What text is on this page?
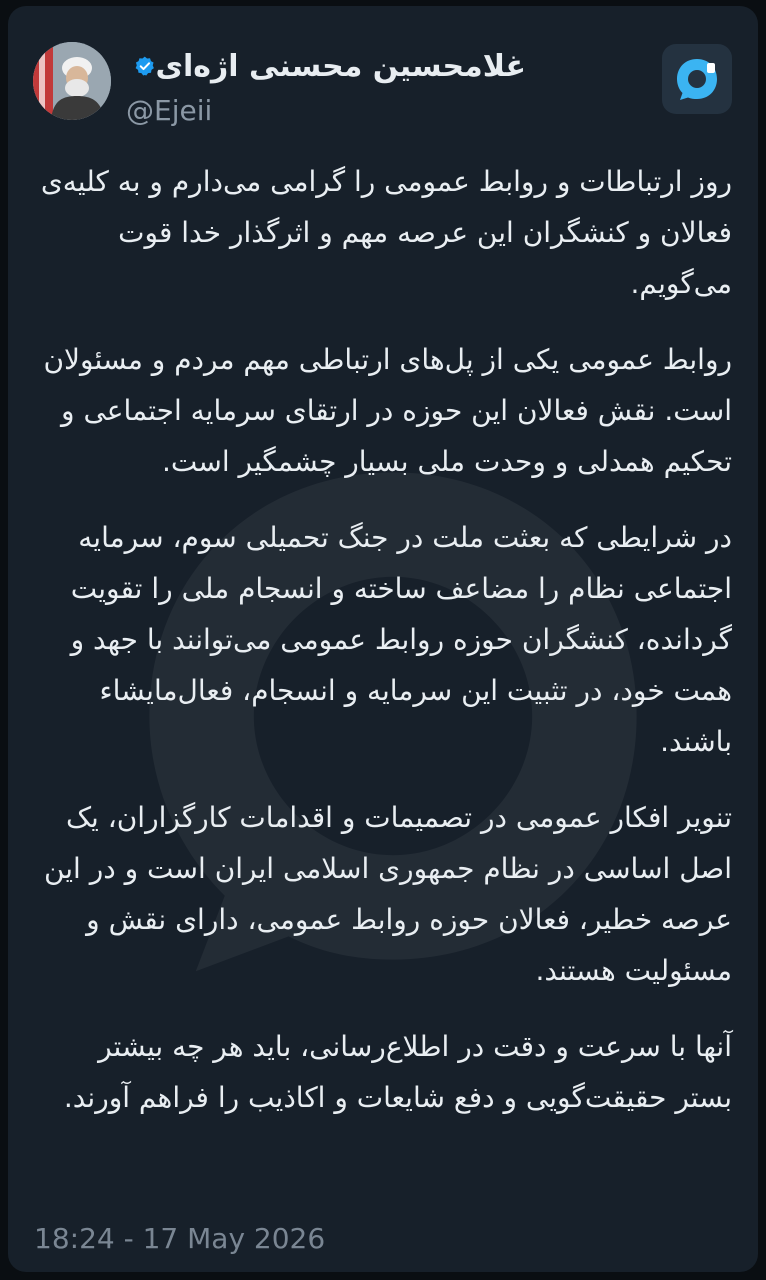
غلامحسین محسنی اژه‌ای
@Ejeii

روز ارتباطات و روابط عمومی را گرامی می‌دارم و به کلیه‌ی فعالان و کنشگران این عرصه مهم و اثرگذار خدا قوت می‌گویم.

روابط عمومی یکی از پل‌های ارتباطی مهم مردم و مسئولان است. نقش فعالان این حوزه در ارتقای سرمایه اجتماعی و تحکیم همدلی و وحدت ملی بسیار چشمگیر است.

در شرایطی که بعثت ملت در جنگ تحمیلی سوم، سرمایه اجتماعی نظام را مضاعف ساخته و انسجام ملی را تقویت گردانده، کنشگران حوزه روابط عمومی می‌توانند با جهد و همت خود، در تثبیت این سرمایه و انسجام، فعال‌مایشاء باشند.

تنویر افکار عمومی در تصمیمات و اقدامات کارگزاران، یک اصل اساسی در نظام جمهوری اسلامی ایران است و در این عرصه خطیر، فعالان حوزه روابط عمومی، دارای نقش و مسئولیت هستند.

آنها با سرعت و دقت در اطلاع‌رسانی، باید هر چه بیشتر بستر حقیقت‌گویی و دفع شایعات و اکاذیب را فراهم آورند.

18:24 - 17 May 2026
